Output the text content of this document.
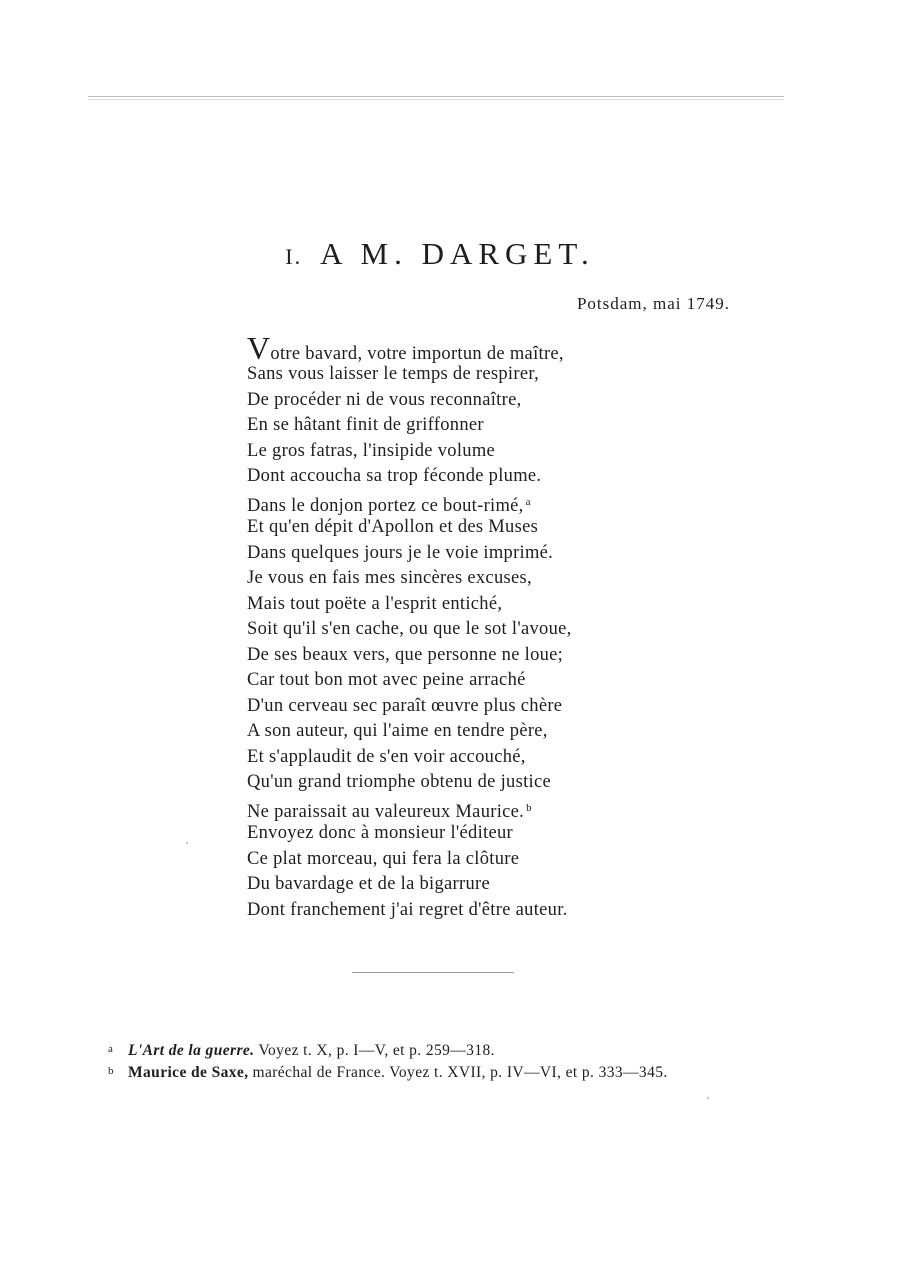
I. A M. DARGET.
Potsdam, mai 1749.
Votre bavard, votre importun de maître,
Sans vous laisser le temps de respirer,
De procéder ni de vous reconnaître,
En se hâtant finit de griffonner
Le gros fatras, l'insipide volume
Dont accoucha sa trop féconde plume.
Dans le donjon portez ce bout-rimé, $^a$
Et qu'en dépit d'Apollon et des Muses
Dans quelques jours je le voie imprimé.
Je vous en fais mes sincères excuses,
Mais tout poëte a l'esprit entiché,
Soit qu'il s'en cache, ou que le sot l'avoue,
De ses beaux vers, que personne ne loue;
Car tout bon mot avec peine arraché
D'un cerveau sec paraît œuvre plus chère
A son auteur, qui l'aime en tendre père,
Et s'applaudit de s'en voir accouché,
Qu'un grand triomphe obtenu de justice
Ne paraissait au valeureux Maurice. $^b$
Envoyez donc à monsieur l'éditeur
Ce plat morceau, qui fera la clôture
Du bavardage et de la bigarrure
Dont franchement j'ai regret d'être auteur.
a L'Art de la guerre. Voyez t. X, p. I—V, et p. 259—318.
b Maurice de Saxe, maréchal de France. Voyez t. XVII, p. IV—VI, et p. 333—345.
